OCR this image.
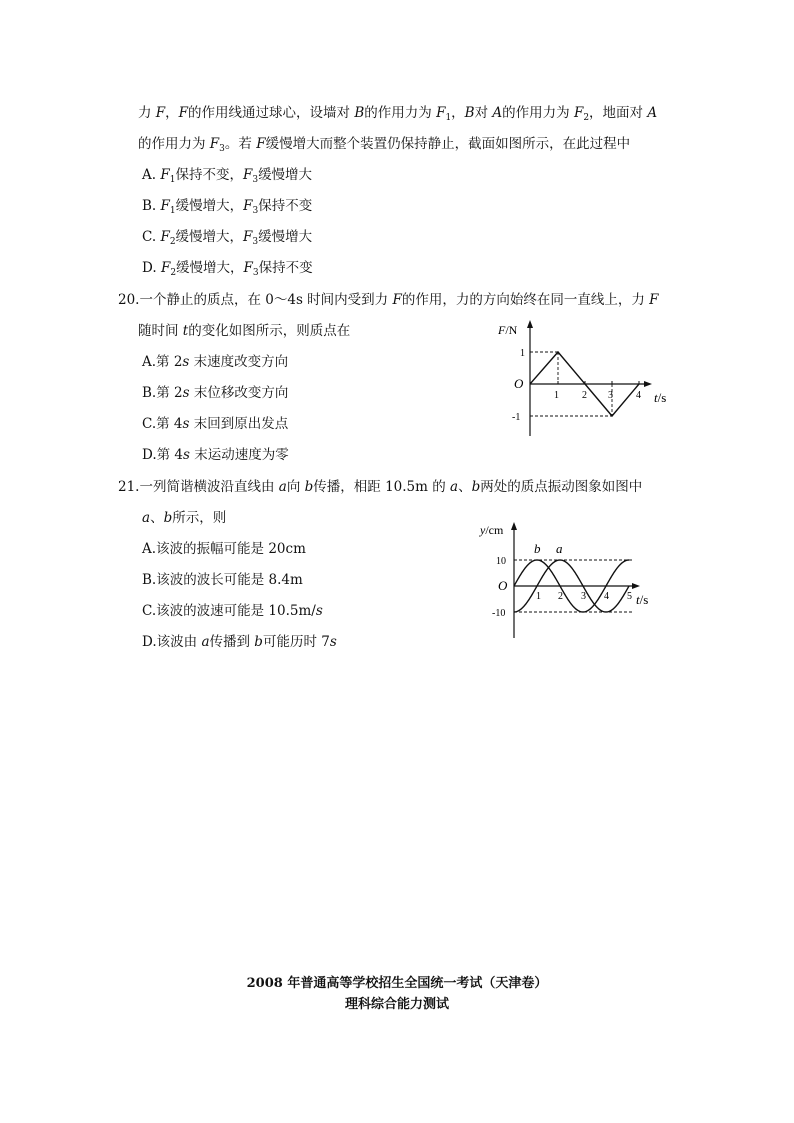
力 F，F的作用线通过球心，设墙对 B的作用力为 $F_1$，B对 A的作用力为 $F_2$，地面对 A
的作用力为 $F_3$。若 F缓慢增大而整个装置仍保持静止，截面如图所示，在此过程中
A. $F_1$保持不变，$F_3$缓慢增大
B. $F_1$缓慢增大，$F_3$保持不变
C. $F_2$缓慢增大，$F_3$缓慢增大
D. $F_2$缓慢增大，$F_3$保持不变
20.一个静止的质点，在 0～4s 时间内受到力 F的作用，力的方向始终在同一直线上，力 F
随时间 t的变化如图所示，则质点在
A.第 2s 末速度改变方向
B.第 2s 末位移改变方向
C.第 4s 末回到原出发点
D.第 4s 末运动速度为零
F/N
t/s
O
1
-1
1 2 3 4
21.一列简谐横波沿直线由 a向 b传播，相距 10.5m 的 a、b两处的质点振动图象如图中
a、b所示，则
A.该波的振幅可能是 20cm
B.该波的波长可能是 8.4m
C.该波的波速可能是 10.5m/s
D.该波由 a传播到 b可能历时 7s
y/cm
t/s
O
10
-10
1 2 3 4 5
b a
2008 年普通高等学校招生全国统一考试（天津卷）
理科综合能力测试
